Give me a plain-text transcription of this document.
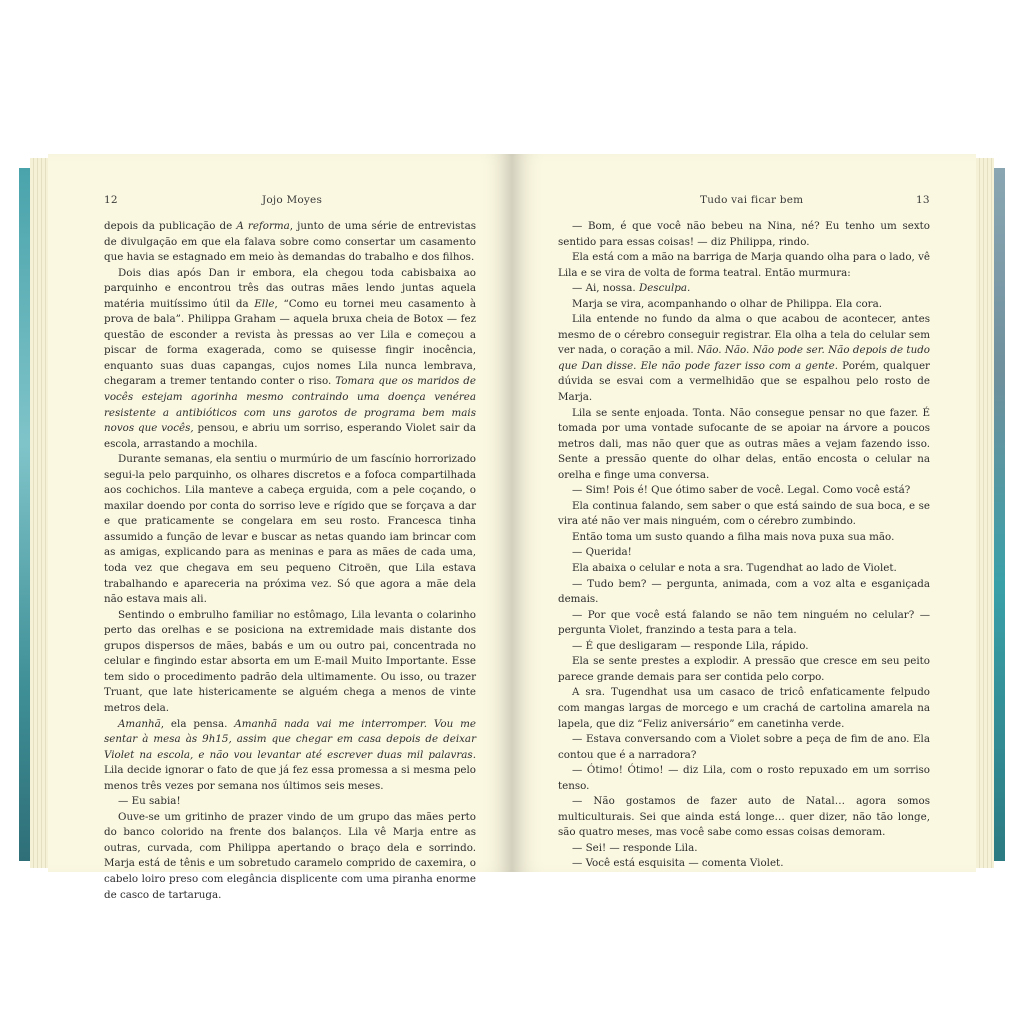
12	Jojo Moyes

depois da publicação de A reforma, junto de uma série de entrevistas de divulgação em que ela falava sobre como consertar um casamento que havia se estagnado em meio às demandas do trabalho e dos filhos.

Dois dias após Dan ir embora, ela chegou toda cabisbaixa ao parquinho e encontrou três das outras mães lendo juntas aquela matéria muitíssimo útil da Elle, “Como eu tornei meu casamento à prova de bala”. Philippa Graham — aquela bruxa cheia de Botox — fez questão de esconder a revista às pressas ao ver Lila e começou a piscar de forma exagerada, como se quisesse fingir inocência, enquanto suas duas capangas, cujos nomes Lila nunca lembrava, chegaram a tremer tentando conter o riso. Tomara que os maridos de vocês estejam agorinha mesmo contraindo uma doença venérea resistente a antibióticos com uns garotos de programa bem mais novos que vocês, pensou, e abriu um sorriso, esperando Violet sair da escola, arrastando a mochila.

Durante semanas, ela sentiu o murmúrio de um fascínio horrorizado segui-la pelo parquinho, os olhares discretos e a fofoca compartilhada aos cochichos. Lila manteve a cabeça erguida, com a pele coçando, o maxilar doendo por conta do sorriso leve e rígido que se forçava a dar e que praticamente se congelara em seu rosto. Francesca tinha assumido a função de levar e buscar as netas quando iam brincar com as amigas, explicando para as meninas e para as mães de cada uma, toda vez que chegava em seu pequeno Citroën, que Lila estava trabalhando e apareceria na próxima vez. Só que agora a mãe dela não estava mais ali.

Sentindo o embrulho familiar no estômago, Lila levanta o colarinho perto das orelhas e se posiciona na extremidade mais distante dos grupos dispersos de mães, babás e um ou outro pai, concentrada no celular e fingindo estar absorta em um E-mail Muito Importante. Esse tem sido o procedimento padrão dela ultimamente. Ou isso, ou trazer Truant, que late histericamente se alguém chega a menos de vinte metros dela.

Amanhã, ela pensa. Amanhã nada vai me interromper. Vou me sentar à mesa às 9h15, assim que chegar em casa depois de deixar Violet na escola, e não vou levantar até escrever duas mil palavras. Lila decide ignorar o fato de que já fez essa promessa a si mesma pelo menos três vezes por semana nos últimos seis meses.

— Eu sabia!

Ouve-se um gritinho de prazer vindo de um grupo das mães perto do banco colorido na frente dos balanços. Lila vê Marja entre as outras, curvada, com Philippa apertando o braço dela e sorrindo. Marja está de tênis e um sobretudo caramelo comprido de caxemira, o cabelo loiro preso com elegância displicente com uma piranha enorme de casco de tartaruga.

Tudo vai ficar bem	13

— Bom, é que você não bebeu na Nina, né? Eu tenho um sexto sentido para essas coisas! — diz Philippa, rindo.

Ela está com a mão na barriga de Marja quando olha para o lado, vê Lila e se vira de volta de forma teatral. Então murmura:

— Ai, nossa. Desculpa.

Marja se vira, acompanhando o olhar de Philippa. Ela cora.

Lila entende no fundo da alma o que acabou de acontecer, antes mesmo de o cérebro conseguir registrar. Ela olha a tela do celular sem ver nada, o coração a mil. Não. Não. Não pode ser. Não depois de tudo que Dan disse. Ele não pode fazer isso com a gente. Porém, qualquer dúvida se esvai com a vermelhidão que se espalhou pelo rosto de Marja.

Lila se sente enjoada. Tonta. Não consegue pensar no que fazer. É tomada por uma vontade sufocante de se apoiar na árvore a poucos metros dali, mas não quer que as outras mães a vejam fazendo isso. Sente a pressão quente do olhar delas, então encosta o celular na orelha e finge uma conversa.

— Sim! Pois é! Que ótimo saber de você. Legal. Como você está?

Ela continua falando, sem saber o que está saindo de sua boca, e se vira até não ver mais ninguém, com o cérebro zumbindo.

Então toma um susto quando a filha mais nova puxa sua mão.

— Querida!

Ela abaixa o celular e nota a sra. Tugendhat ao lado de Violet.

— Tudo bem? — pergunta, animada, com a voz alta e esganiçada demais.

— Por que você está falando se não tem ninguém no celular? — pergunta Violet, franzindo a testa para a tela.

— É que desligaram — responde Lila, rápido.

Ela se sente prestes a explodir. A pressão que cresce em seu peito parece grande demais para ser contida pelo corpo.

A sra. Tugendhat usa um casaco de tricô enfaticamente felpudo com mangas largas de morcego e um crachá de cartolina amarela na lapela, que diz “Feliz aniversário” em canetinha verde.

— Estava conversando com a Violet sobre a peça de fim de ano. Ela contou que é a narradora?

— Ótimo! Ótimo! — diz Lila, com o rosto repuxado em um sorriso tenso.

— Não gostamos de fazer auto de Natal… agora somos multiculturais. Sei que ainda está longe… quer dizer, não tão longe, são quatro meses, mas você sabe como essas coisas demoram.

— Sei! — responde Lila.

— Você está esquisita — comenta Violet.
